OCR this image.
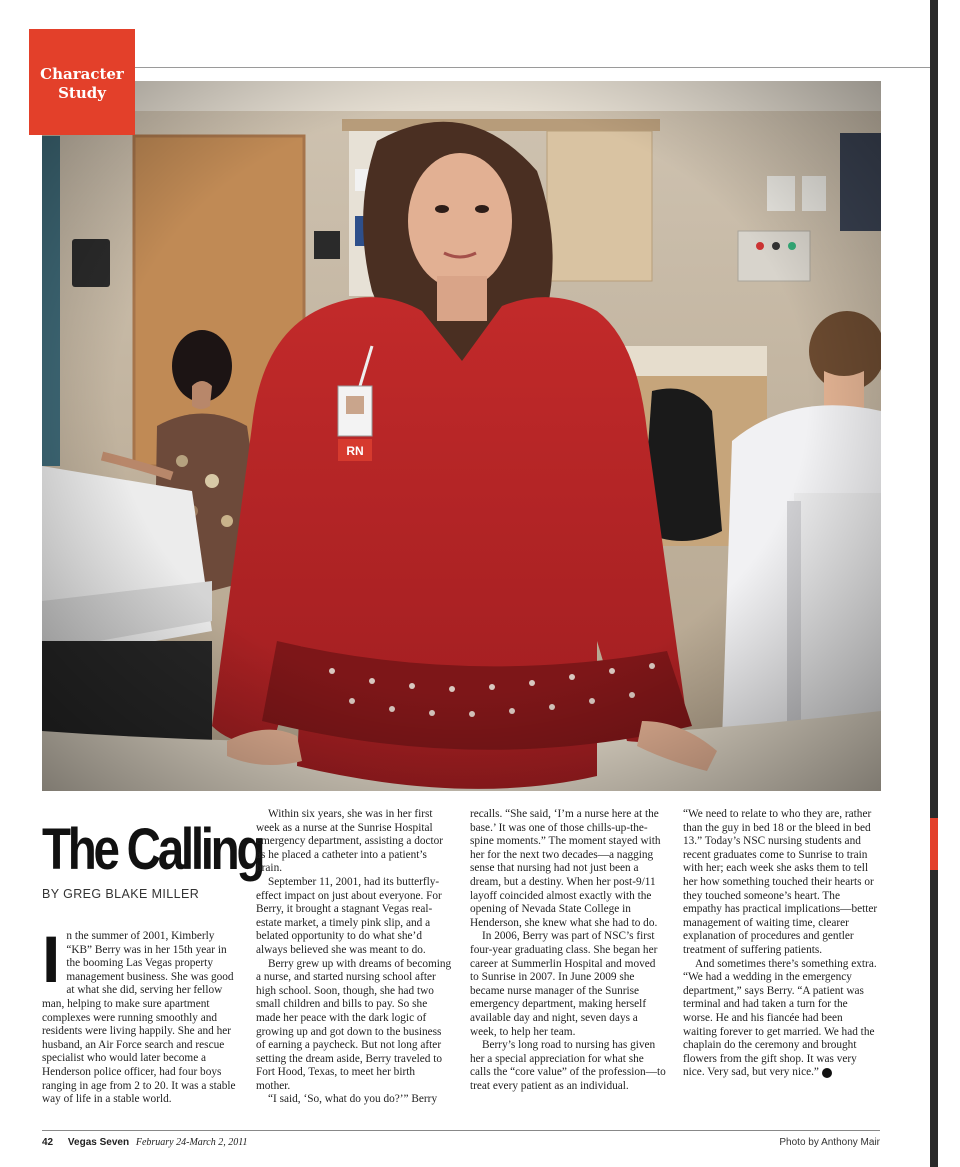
Character
Study
The Calling
BY GREG BLAKE MILLER

In the summer of 2001, Kimberly “KB” Berry was in her 15th year in the booming Las Vegas property management business. She was good at what she did, serving her fellow man, helping to make sure apartment complexes were running smoothly and residents were living happily. She and her husband, an Air Force search and rescue specialist who would later become a Henderson police officer, had four boys ranging in age from 2 to 20. It was a stable way of life in a stable world.

Within six years, she was in her first week as a nurse at the Sunrise Hospital emergency department, assisting a doctor as he placed a catheter into a patient’s brain.

September 11, 2001, had its butterfly-effect impact on just about everyone. For Berry, it brought a stagnant Vegas real-estate market, a timely pink slip, and a belated opportunity to do what she’d always believed she was meant to do.

Berry grew up with dreams of becoming a nurse, and started nursing school after high school. Soon, though, she had two small children and bills to pay. So she made her peace with the dark logic of growing up and got down to the business of earning a paycheck. But not long after setting the dream aside, Berry traveled to Fort Hood, Texas, to meet her birth mother.

“I said, ‘So, what do you do?’” Berry

recalls. “She said, ‘I’m a nurse here at the base.’ It was one of those chills-up-the-spine moments.” The moment stayed with her for the next two decades—a nagging sense that nursing had not just been a dream, but a destiny. When her post-9/11 layoff coincided almost exactly with the opening of Nevada State College in Henderson, she knew what she had to do.

In 2006, Berry was part of NSC’s first four-year graduating class. She began her career at Summerlin Hospital and moved to Sunrise in 2007. In June 2009 she became nurse manager of the Sunrise emergency department, making herself available day and night, seven days a week, to help her team.

Berry’s long road to nursing has given her a special appreciation for what she calls the “core value” of the profession—to treat every patient as an individual.

“We need to relate to who they are, rather than the guy in bed 18 or the bleed in bed 13.” Today’s NSC nursing students and recent graduates come to Sunrise to train with her; each week she asks them to tell her how something touched their hearts or they touched someone’s heart. The empathy has practical implications—better management of waiting time, clearer explanation of procedures and gentler treatment of suffering patients.

And sometimes there’s something extra. “We had a wedding in the emergency department,” says Berry. “A patient was terminal and had taken a turn for the worse. He and his fiancée had been waiting forever to get married. We had the chaplain do the ceremony and brought flowers from the gift shop. It was very nice. Very sad, but very nice.” 7

42 Vegas Seven February 24-March 2, 2011	Photo by Anthony Mair
